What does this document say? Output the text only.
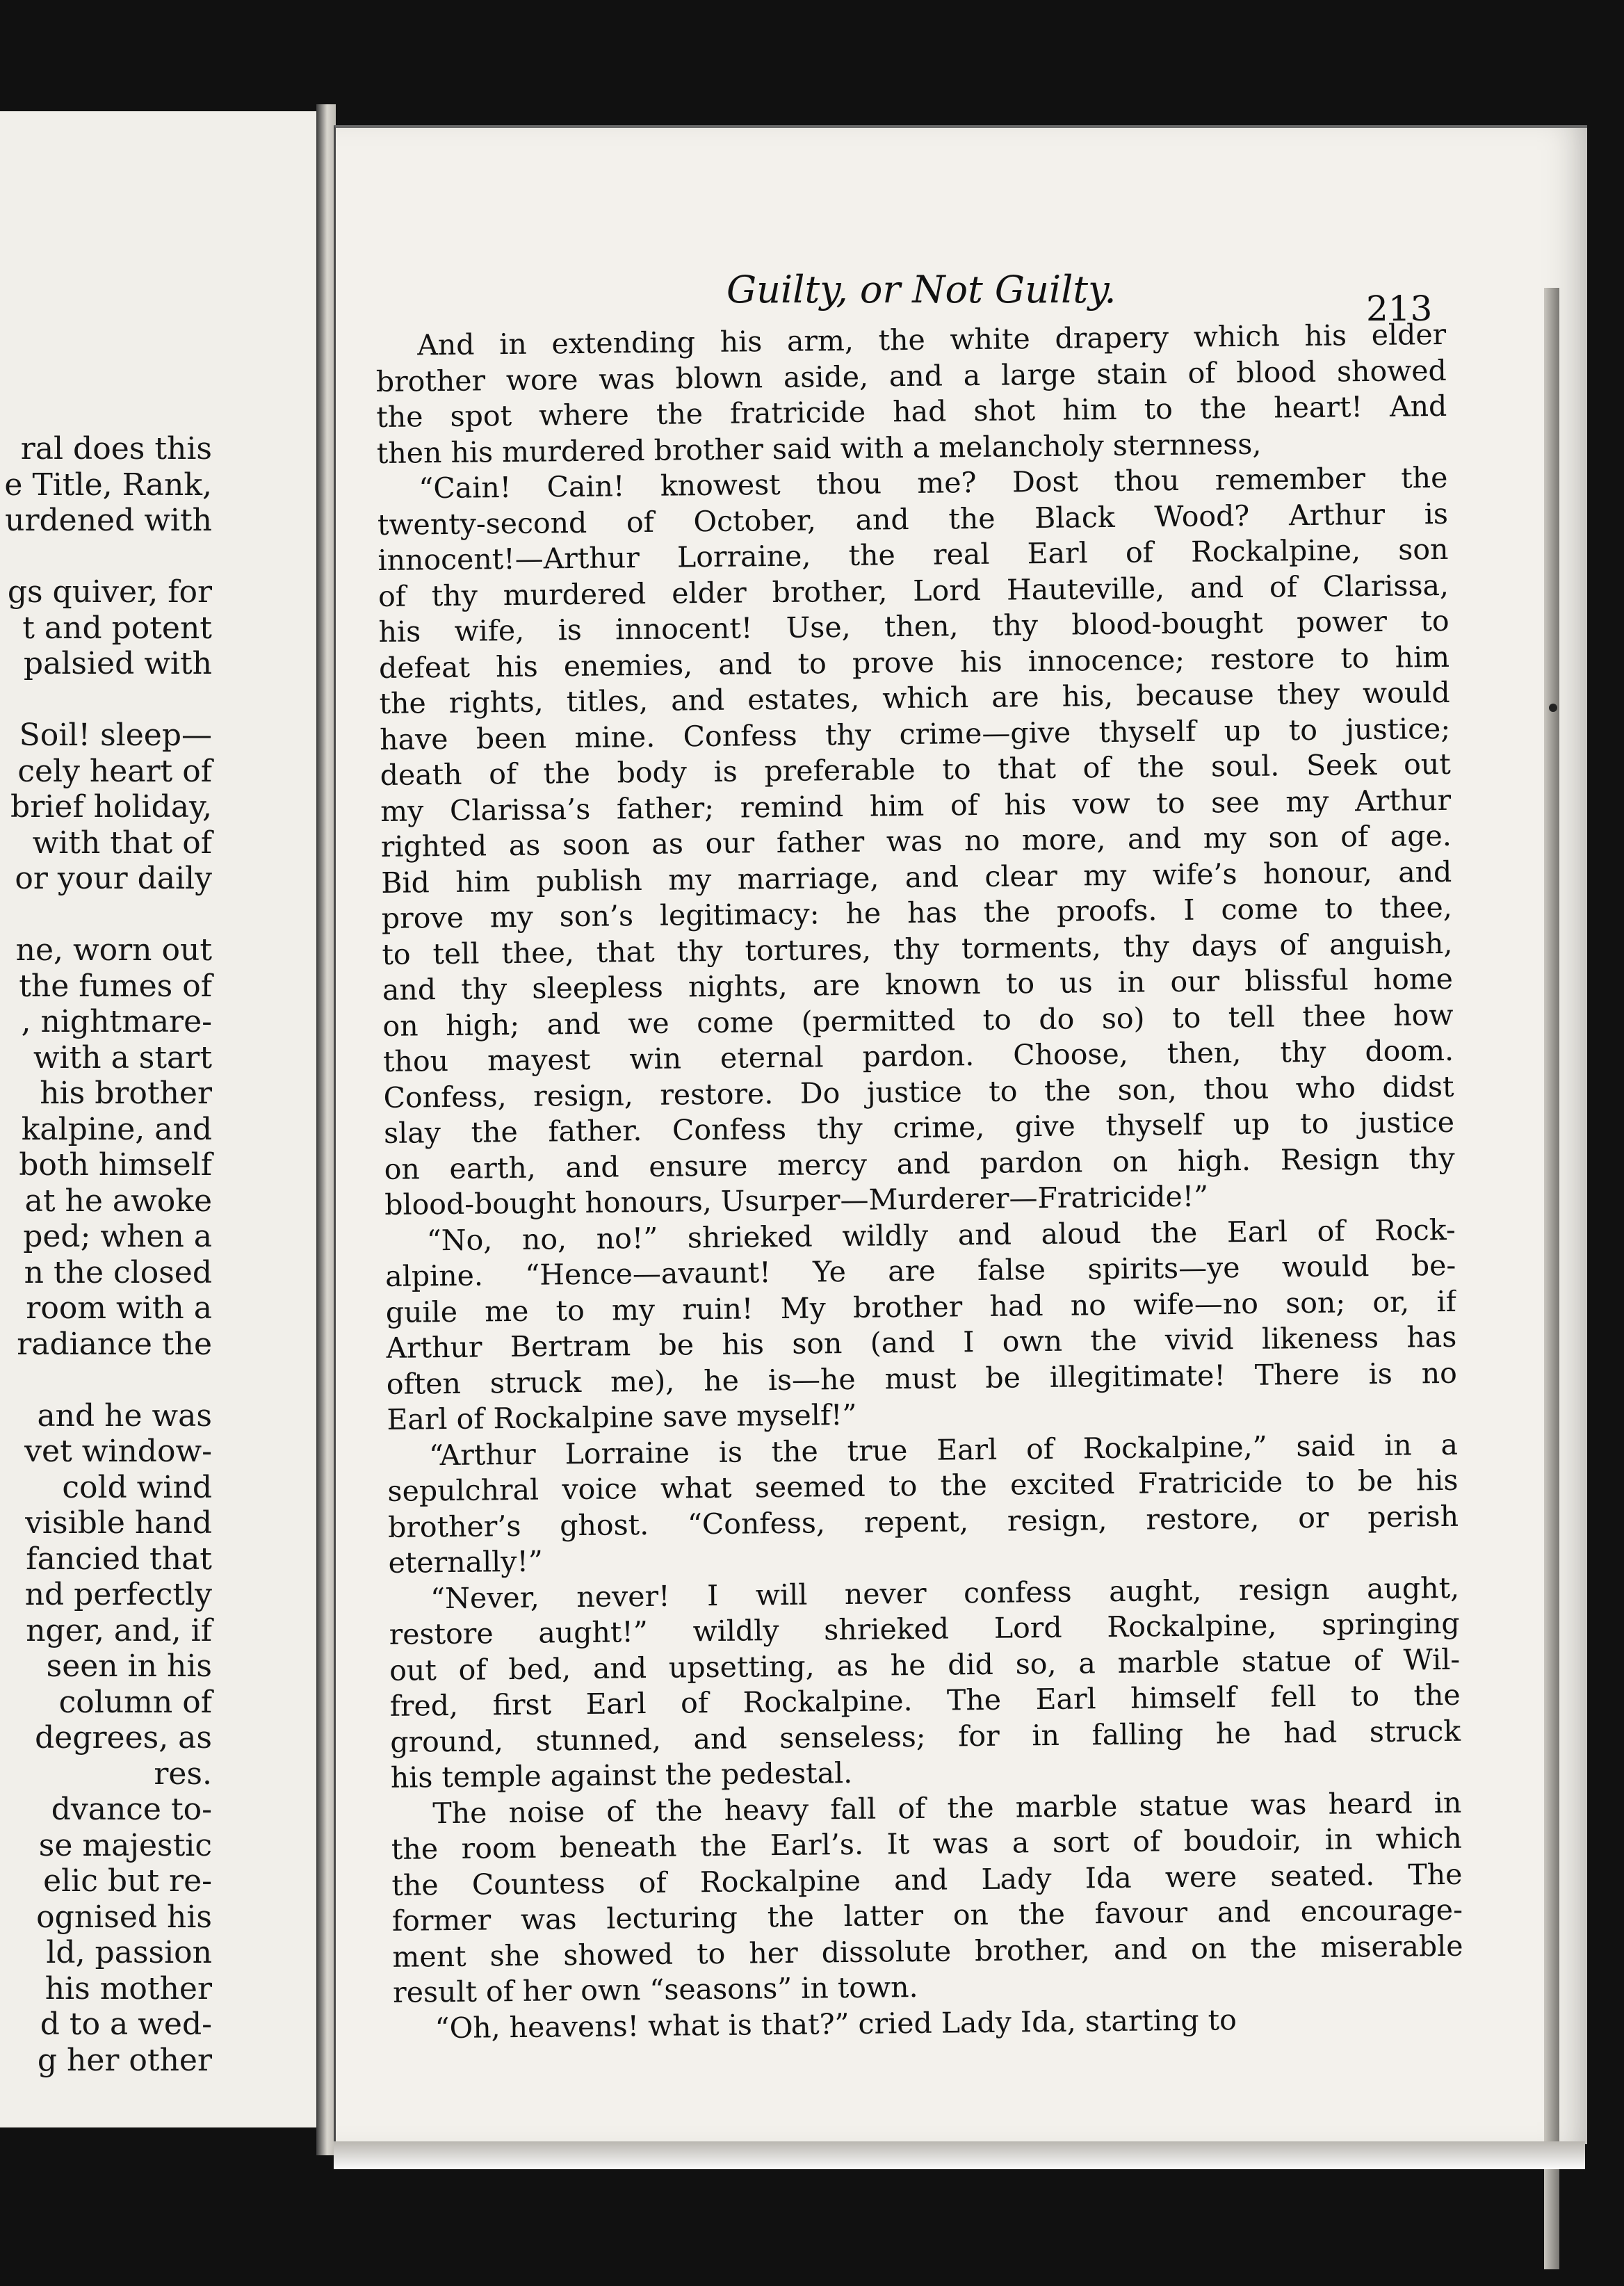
ral does this
e Title, Rank,
urdened with
gs quiver, for
t and potent
palsied with
Soil! sleep—
cely heart of
brief holiday,
with that of
or your daily
ne, worn out
the fumes of
, nightmare-
with a start
his brother
kalpine, and
both himself
at he awoke
ped; when a
n the closed
room with a
radiance the
and he was
vet window-
cold wind
visible hand
fancied that
nd perfectly
nger, and, if
seen in his
column of
degrees, as
res.
dvance to-
se majestic
elic but re-
ognised his
ld, passion
his mother
d to a wed-
g her other
Guilty, or Not Guilty.	213
And in extending his arm, the white drapery which his elder
brother wore was blown aside, and a large stain of blood showed
the spot where the fratricide had shot him to the heart! And
then his murdered brother said with a melancholy sternness,
“Cain! Cain! knowest thou me? Dost thou remember the
twenty-second of October, and the Black Wood? Arthur is
innocent!—Arthur Lorraine, the real Earl of Rockalpine, son
of thy murdered elder brother, Lord Hauteville, and of Clarissa,
his wife, is innocent! Use, then, thy blood-bought power to
defeat his enemies, and to prove his innocence; restore to him
the rights, titles, and estates, which are his, because they would
have been mine. Confess thy crime—give thyself up to justice;
death of the body is preferable to that of the soul. Seek out
my Clarissa’s father; remind him of his vow to see my Arthur
righted as soon as our father was no more, and my son of age.
Bid him publish my marriage, and clear my wife’s honour, and
prove my son’s legitimacy: he has the proofs. I come to thee,
to tell thee, that thy tortures, thy torments, thy days of anguish,
and thy sleepless nights, are known to us in our blissful home
on high; and we come (permitted to do so) to tell thee how
thou mayest win eternal pardon. Choose, then, thy doom.
Confess, resign, restore. Do justice to the son, thou who didst
slay the father. Confess thy crime, give thyself up to justice
on earth, and ensure mercy and pardon on high. Resign thy
blood-bought honours, Usurper—Murderer—Fratricide!”
“No, no, no!” shrieked wildly and aloud the Earl of Rock-
alpine. “Hence—avaunt! Ye are false spirits—ye would be-
guile me to my ruin! My brother had no wife—no son; or, if
Arthur Bertram be his son (and I own the vivid likeness has
often struck me), he is—he must be illegitimate! There is no
Earl of Rockalpine save myself!”
“Arthur Lorraine is the true Earl of Rockalpine,” said in a
sepulchral voice what seemed to the excited Fratricide to be his
brother’s ghost. “Confess, repent, resign, restore, or perish
eternally!”
“Never, never! I will never confess aught, resign aught,
restore aught!” wildly shrieked Lord Rockalpine, springing
out of bed, and upsetting, as he did so, a marble statue of Wil-
fred, first Earl of Rockalpine. The Earl himself fell to the
ground, stunned, and senseless; for in falling he had struck
his temple against the pedestal.
The noise of the heavy fall of the marble statue was heard in
the room beneath the Earl’s. It was a sort of boudoir, in which
the Countess of Rockalpine and Lady Ida were seated. The
former was lecturing the latter on the favour and encourage-
ment she showed to her dissolute brother, and on the miserable
result of her own “seasons” in town.
“Oh, heavens! what is that?” cried Lady Ida, starting to
